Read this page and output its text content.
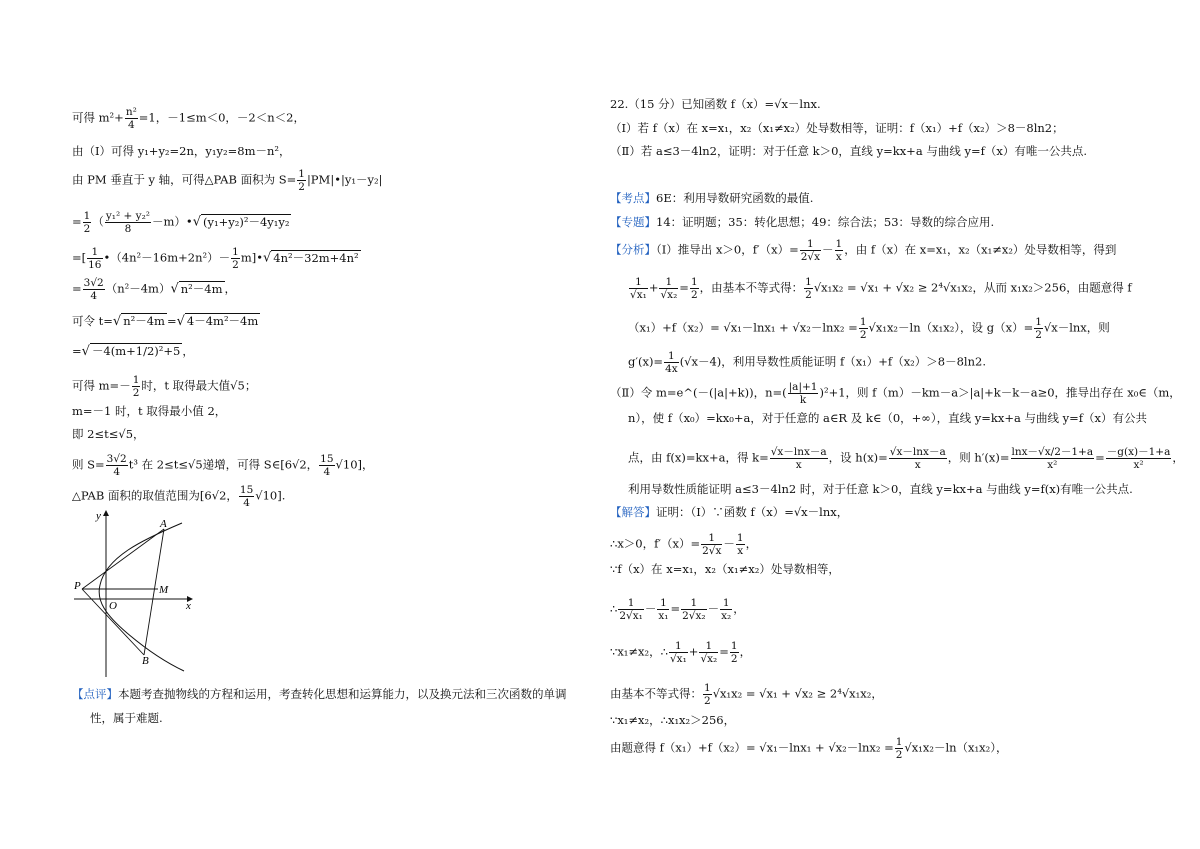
可得 $m^2+ \frac{\text{n²}}{4} =1$，－1≤m＜0，－2＜n＜2，
由（Ⅰ）可得 y₁+y₂=2n，y₁y₂=8m－n²，
由 PM 垂直于 y 轴，可得△PAB 面积为 $S= \frac{1}{2}$ |PM|•|y₁－y₂|
= $\frac{1}{2}$ （ $\frac{\text{y₁² + y₂²}}{8}$ －m）•√ (y₁+y₂)²－4y₁y₂
=[ $\frac{1}{16}$ •（4n²－16m+2n²）－ $\frac{1}{2}$ m]•√ 4n²－32m+4n²
= $\frac{3√2}{4} (n^2-4m)√$ n²－4m ，
可令 t=√ n²－4m =√ 4－4m²－4m
=√ －4(m+1/2)²+5 ，
可得 $m=- \frac{1}{2}$ 时，t 取得最大值√5；
m=－1 时，t 取得最小值 2，
即 2≤t≤√5，
则 $S= \frac{3√2}{4} t^3$ 在 2≤t≤√5递增，可得 S∈[6√2， $\frac{15}{4} √10$]，
△PAB 面积的取值范围为[6√2， $\frac{15}{4} √10$].
【点评】本题考查抛物线的方程和运用，考查转化思想和运算能力，以及换元法和三次函数的单调
性，属于难题.
y
x
A
B
P	M
O
22.（15 分）已知函数 f（x）=√x－lnx.
（Ⅰ）若 f（x）在 x=x₁，x₂（x₁≠x₂）处导数相等，证明：f（x₁）+f（x₂）＞8－8ln2；
（Ⅱ）若 a≤3－4ln2，证明：对于任意 k＞0，直线 y=kx+a 与曲线 y=f（x）有唯一公共点.
【考点】6E：利用导数研究函数的最值.
【专题】14：证明题；35：转化思想；49：综合法；53：导数的综合应用.
【分析】（Ⅰ）推导出 x＞0，$f'(x)= \frac{1}{2√x} - \frac{1}{x}$ ，由 f（x）在 x=x₁，x₂（x₁≠x₂）处导数相等，得到
$\frac{1}{\text{√x₁}} + \frac{1}{\text{√x₂}} = \frac{1}{2}$ ，由基本不等式得： $\frac{1}{2} √x_1x_2 = √x_1 + √x_2 \ge 2^4√x_1x_2$，从而 x₁x₂＞256，由题意得 f
$(x_1)+f(x_2)= √x_1-\ln x_1 + √x_2-\ln x_2 = \frac{1}{2} √x_1x_2-\ln(x_1x_2)$，设 $g(x)= \frac{1}{2} √x-\ln x$，则
$g'(x)= \frac{1}{4x} (√x-4)$，利用导数性质能证明 f（x₁）+f（x₂）＞8－8ln2.
（Ⅱ）令 m=e^(－(|a|+k))，$n=( \frac{|a|+1}{k} )^2+1$，则 f（m）－km－a＞|a|+k－k－a≥0，推导出存在 x₀∈（m，
n），使 f（x₀）=kx₀+a，对于任意的 a∈R 及 k∈（0，+∞），直线 y=kx+a 与曲线 y=f（x）有公共
点，由 f(x)=kx+a，得 $k= \frac{√x-\ln x-a}{x}$ ，设 $h(x)= \frac{√x-\ln x-a}{x}$ ，则 $h'(x)= \frac{\ln x-√x/2-1+a}{\text{x²}} = \frac{-g(x)-1+a}{\text{x²}}$ ，
利用导数性质能证明 a≤3－4ln2 时，对于任意 k＞0，直线 y=kx+a 与曲线 y=f(x)有唯一公共点.
【解答】证明：（Ⅰ）∵函数 f（x）=√x－lnx，
∴x＞0，$f'(x)= \frac{1}{2√x} - \frac{1}{x}$ ，
∵f（x）在 x=x₁，x₂（x₁≠x₂）处导数相等，
∴ $\frac{1}{\text{2√x₁}} - \frac{1}{\text{x₁}} = \frac{1}{\text{2√x₂}} - \frac{1}{\text{x₂}}$ ，
∵x₁≠x₂，∴ $\frac{1}{\text{√x₁}} + \frac{1}{\text{√x₂}} = \frac{1}{2}$ ，
由基本不等式得： $\frac{1}{2} √x_1x_2 = √x_1 + √x_2 \ge 2^4√x_1x_2$，
∵x₁≠x₂，∴x₁x₂＞256，
由题意得 $f(x_1)+f(x_2)= √x_1-\ln x_1 + √x_2-\ln x_2 = \frac{1}{2} √x_1x_2-\ln(x_1x_2)$，
